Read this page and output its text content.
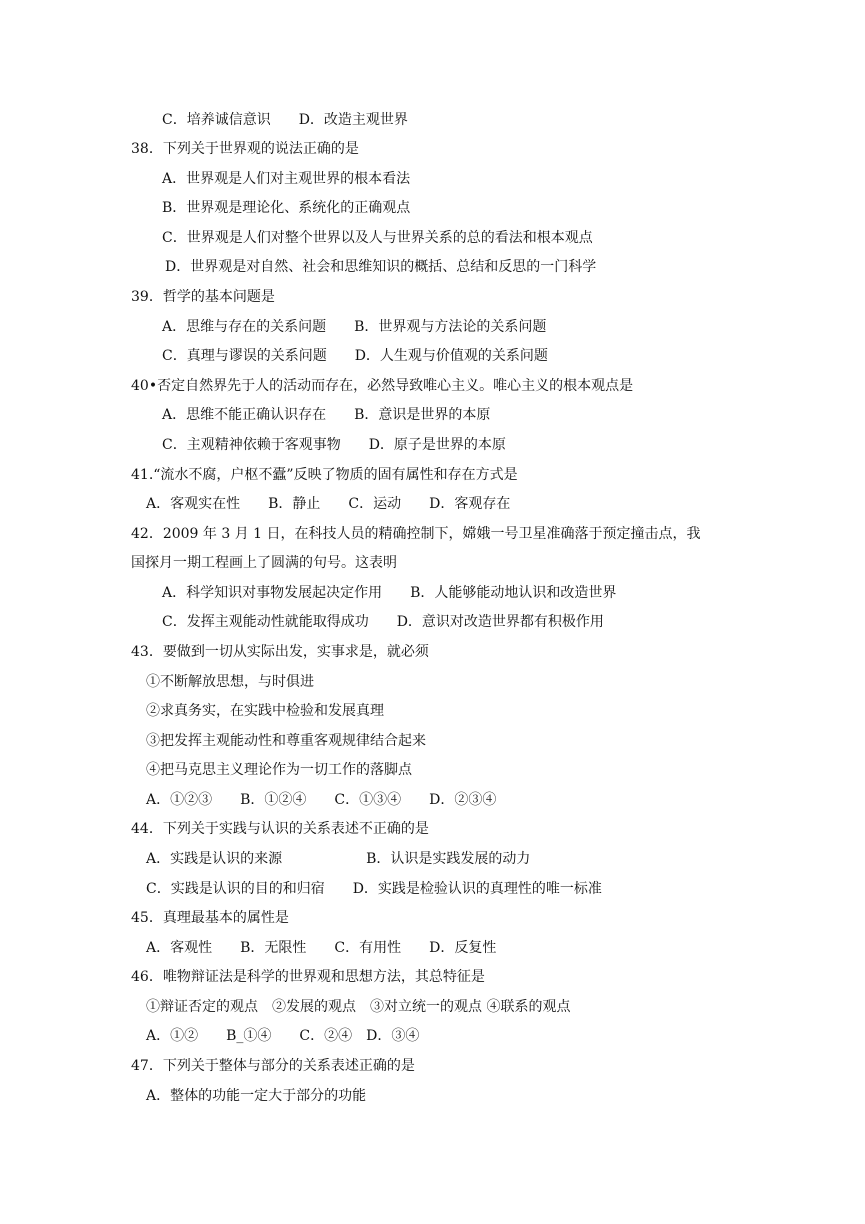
C．培养诚信意识　　D．改造主观世界
38．下列关于世界观的说法正确的是
A．世界观是人们对主观世界的根本看法
B．世界观是理论化、系统化的正确观点
C．世界观是人们对整个世界以及人与世界关系的总的看法和根本观点
D．世界观是对自然、社会和思维知识的概括、总结和反思的一门科学
39．哲学的基本问题是
A．思维与存在的关系问题　　B．世界观与方法论的关系问题
C．真理与谬误的关系问题　　D．人生观与价值观的关系问题
40•否定自然界先于人的活动而存在，必然导致唯心主义。唯心主义的根本观点是
A．思维不能正确认识存在　　B．意识是世界的本原
C．主观精神依赖于客观事物　　D．原子是世界的本原
41.“流水不腐，户枢不蠹”反映了物质的固有属性和存在方式是
A．客观实在性　　B．静止　　C．运动　　D．客观存在
42．2009 年 3 月 1 日，在科技人员的精确控制下，嫦娥一号卫星准确落于预定撞击点，我
国探月一期工程画上了圆满的句号。这表明
A．科学知识对事物发展起决定作用　　B．人能够能动地认识和改造世界
C．发挥主观能动性就能取得成功　　D．意识对改造世界都有积极作用
43．要做到一切从实际出发，实事求是，就必须
①不断解放思想，与时俱进
②求真务实，在实践中检验和发展真理
③把发挥主观能动性和尊重客观规律结合起来
④把马克思主义理论作为一切工作的落脚点
A．①②③　　B．①②④　　C．①③④　　D．②③④
44．下列关于实践与认识的关系表述不正确的是
A．实践是认识的来源　　　　　　B．认识是实践发展的动力
C．实践是认识的目的和归宿　　D．实践是检验认识的真理性的唯一标准
45．真理最基本的属性是
A．客观性　　B．无限性　　C．有用性　　D．反复性
46．唯物辩证法是科学的世界观和思想方法，其总特征是
①辩证否定的观点　②发展的观点　③对立统一的观点 ④联系的观点
A．①②　　B_①④　　C．②④　D．③④
47．下列关于整体与部分的关系表述正确的是
A．整体的功能一定大于部分的功能
